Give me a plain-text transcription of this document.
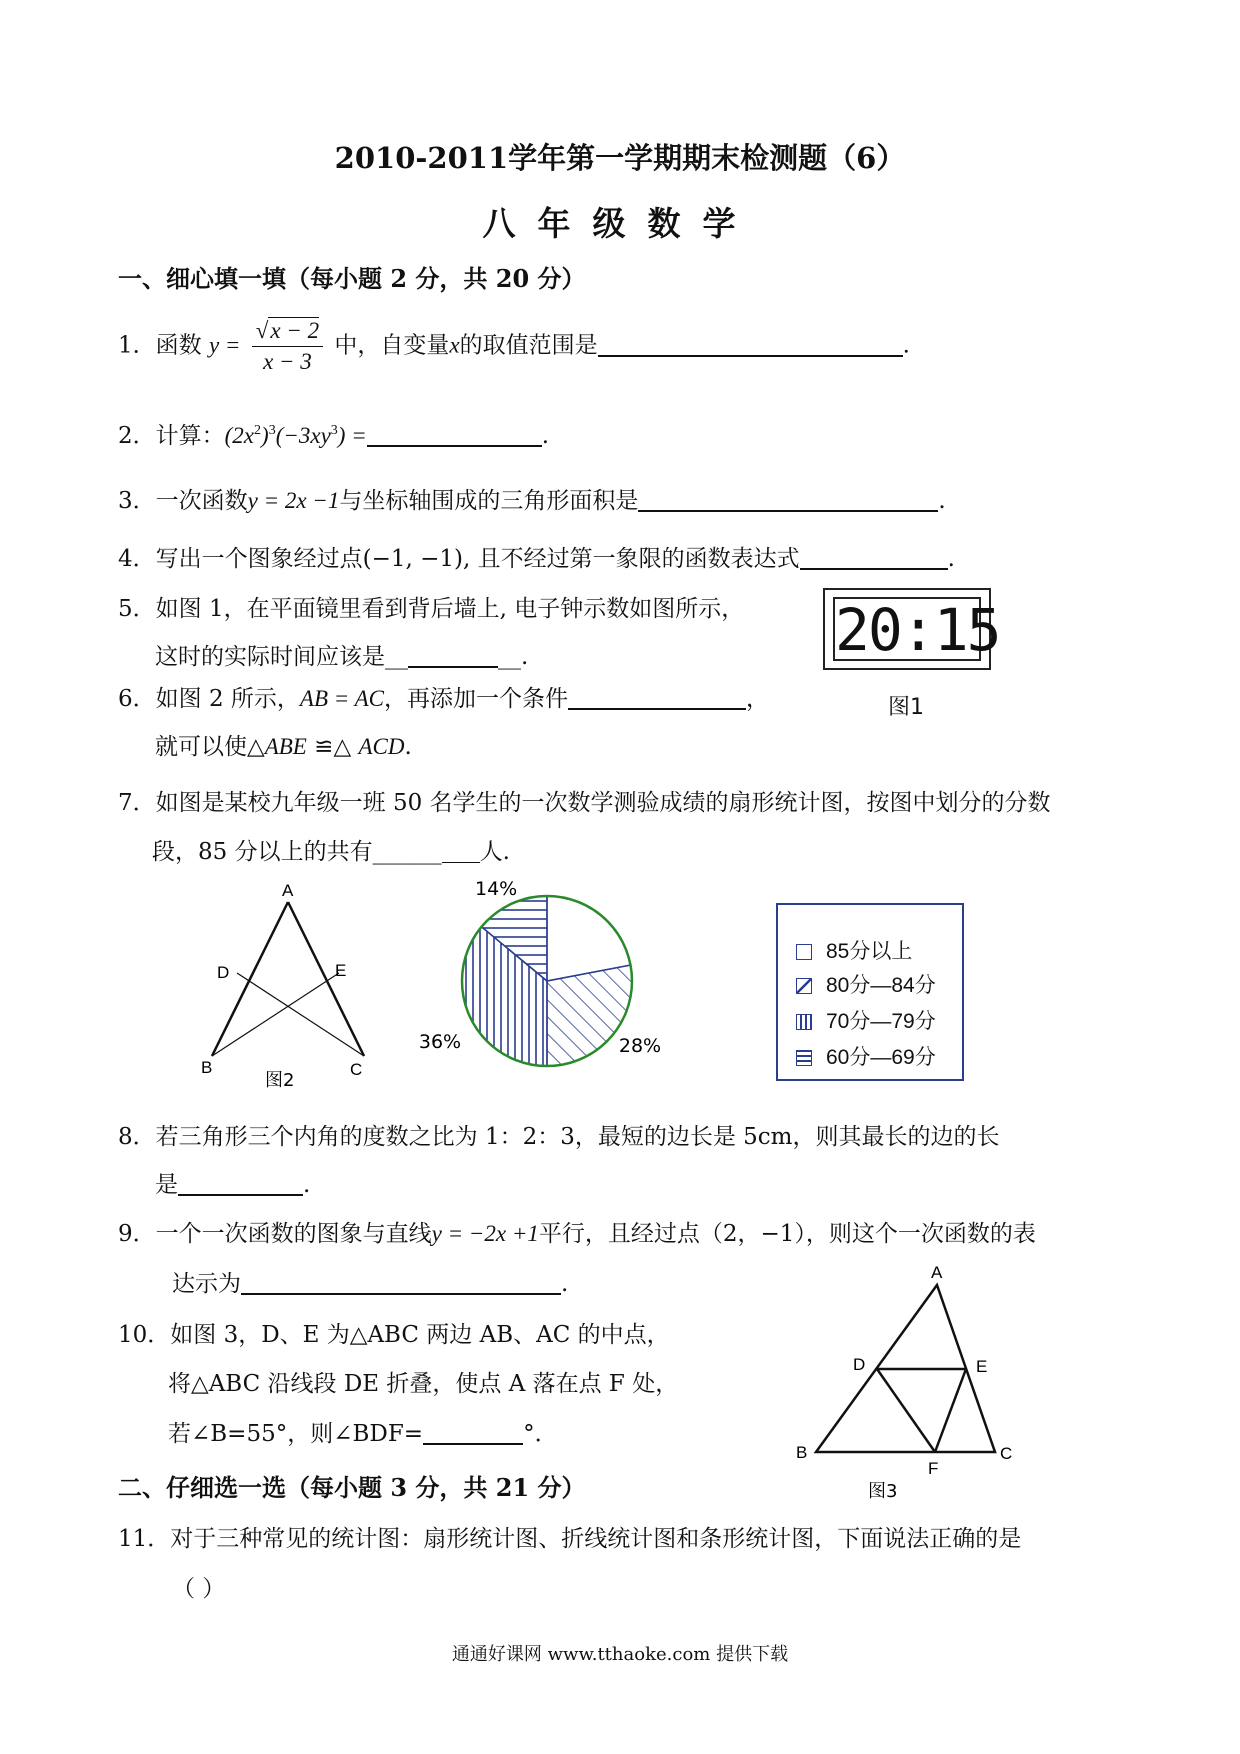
2010-2011学年第一学期期末检测题（6）
八年级数学
一、细心填一填（每小题 2 分，共 20 分）
1．函数 $y = \frac{√x - 2}{x - 3}$ 中，自变量x的取值范围是	.
2．计算：$(2x^2)^3(-3xy^3)$ =	.
3．一次函数y = 2x −1与坐标轴围成的三角形面积是	.
4．写出一个图象经过点(−1, −1), 且不经过第一象限的函数表达式	.
5．如图 1，在平面镜里看到背后墙上, 电子钟示数如图所示，
这时的实际时间应该是__	__.	20:15
图1
6．如图 2 所示，AB = AC，再添加一个条件	，
就可以使△ABE ≌△ ACD.
7．如图是某校九年级一班 50 名学生的一次数学测验成绩的扇形统计图，按图中划分的分数
段，85 分以上的共有______ 人.
A
D	E
B	C
图2
14%
28%
36%
85分以上
80分—84分
70分—79分
60分—69分
8．若三角形三个内角的度数之比为 1：2：3，最短的边长是 5cm，则其最长的边的长
是	.
9．一个一次函数的图象与直线y = −2x +1平行，且经过点（2，−1），则这个一次函数的表
达示为	.
10．如图 3，D、E 为△ABC 两边 AB、AC 的中点，
将△ABC 沿线段 DE 折叠，使点 A 落在点 F 处，
若∠B=55°，则∠BDF=	°．
A
D	E
B	C
F
图3
二、仔细选一选（每小题 3 分，共 21 分）
11．对于三种常见的统计图：扇形统计图、折线统计图和条形统计图，下面说法正确的是
（ ）
通通好课网 www.tthaoke.com 提供下载
